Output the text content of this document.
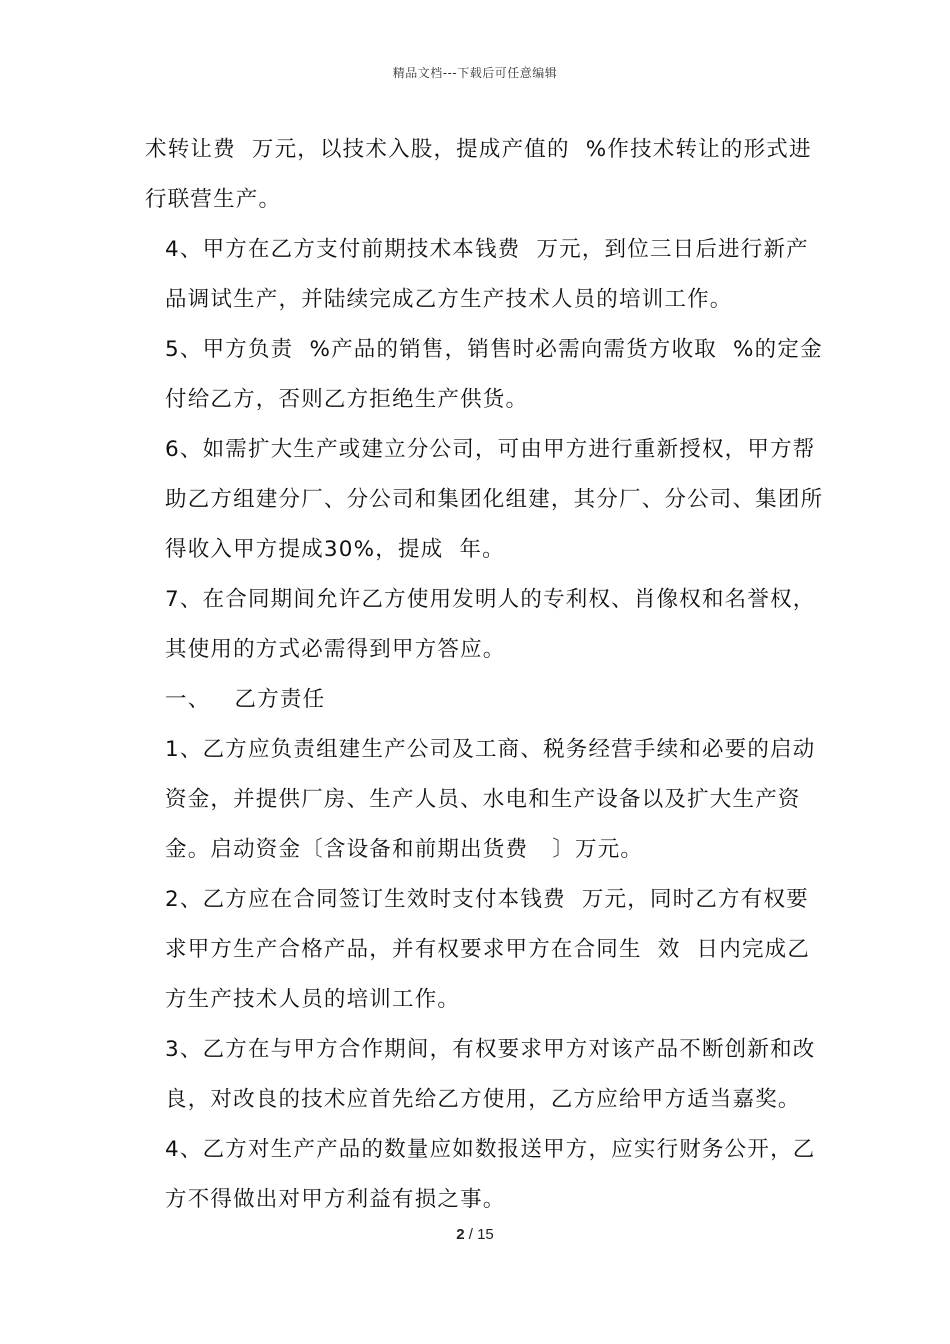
精品文档---下载后可任意编辑

术转让费  万元，以技术入股，提成产值的  %作技术转让的形式进行联营生产。

4、甲方在乙方支付前期技术本钱费  万元，到位三日后进行新产品调试生产，并陆续完成乙方生产技术人员的培训工作。

5、甲方负责  %产品的销售，销售时必需向需货方收取  %的定金付给乙方，否则乙方拒绝生产供货。

6、如需扩大生产或建立分公司，可由甲方进行重新授权，甲方帮助乙方组建分厂、分公司和集团化组建，其分厂、分公司、集团所得收入甲方提成30%，提成  年。

7、在合同期间允许乙方使用发明人的专利权、肖像权和名誉权，其使用的方式必需得到甲方答应。

一、   乙方责任

1、乙方应负责组建生产公司及工商、税务经营手续和必要的启动资金，并提供厂房、生产人员、水电和生产设备以及扩大生产资金。启动资金〔含设备和前期出货费   〕万元。

2、乙方应在合同签订生效时支付本钱费  万元，同时乙方有权要求甲方生产合格产品，并有权要求甲方在合同生  效  日内完成乙方生产技术人员的培训工作。

3、乙方在与甲方合作期间，有权要求甲方对该产品不断创新和改良，对改良的技术应首先给乙方使用，乙方应给甲方适当嘉奖。

4、乙方对生产产品的数量应如数报送甲方，应实行财务公开，乙方不得做出对甲方利益有损之事。

2 / 15
